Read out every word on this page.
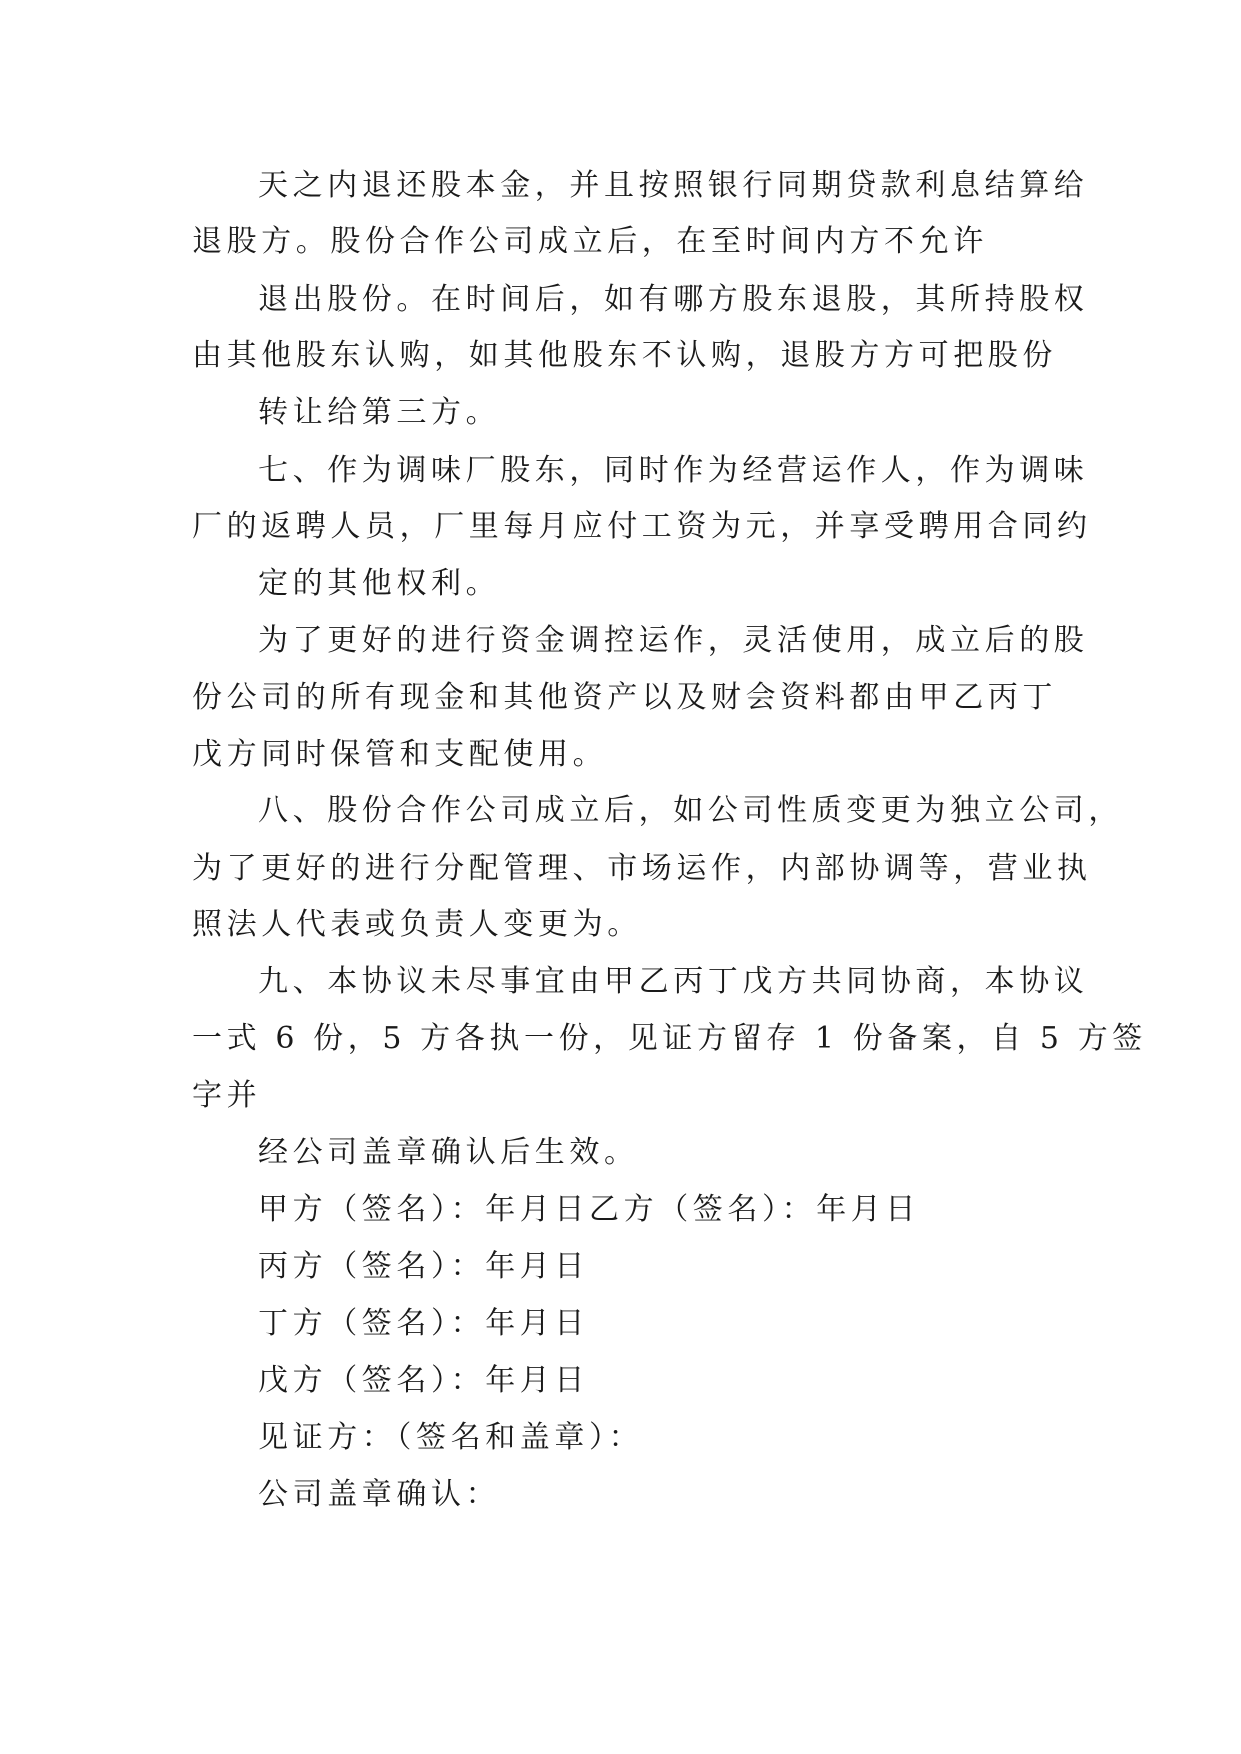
天之内退还股本金，并且按照银行同期贷款利息结算给
退股方。股份合作公司成立后，在至时间内方不允许
退出股份。在时间后，如有哪方股东退股，其所持股权
由其他股东认购，如其他股东不认购，退股方方可把股份
转让给第三方。
七、作为调味厂股东，同时作为经营运作人，作为调味
厂的返聘人员，厂里每月应付工资为元，并享受聘用合同约
定的其他权利。
为了更好的进行资金调控运作，灵活使用，成立后的股
份公司的所有现金和其他资产以及财会资料都由甲乙丙丁
戊方同时保管和支配使用。
八、股份合作公司成立后，如公司性质变更为独立公司，
为了更好的进行分配管理、市场运作，内部协调等，营业执
照法人代表或负责人变更为。
九、本协议未尽事宜由甲乙丙丁戊方共同协商，本协议
一式 6 份，5 方各执一份，见证方留存 1 份备案，自 5 方签
字并
经公司盖章确认后生效。
甲方（签名）：年月日乙方（签名）：年月日
丙方（签名）：年月日
丁方（签名）：年月日
戊方（签名）：年月日
见证方：（签名和盖章）：
公司盖章确认：
